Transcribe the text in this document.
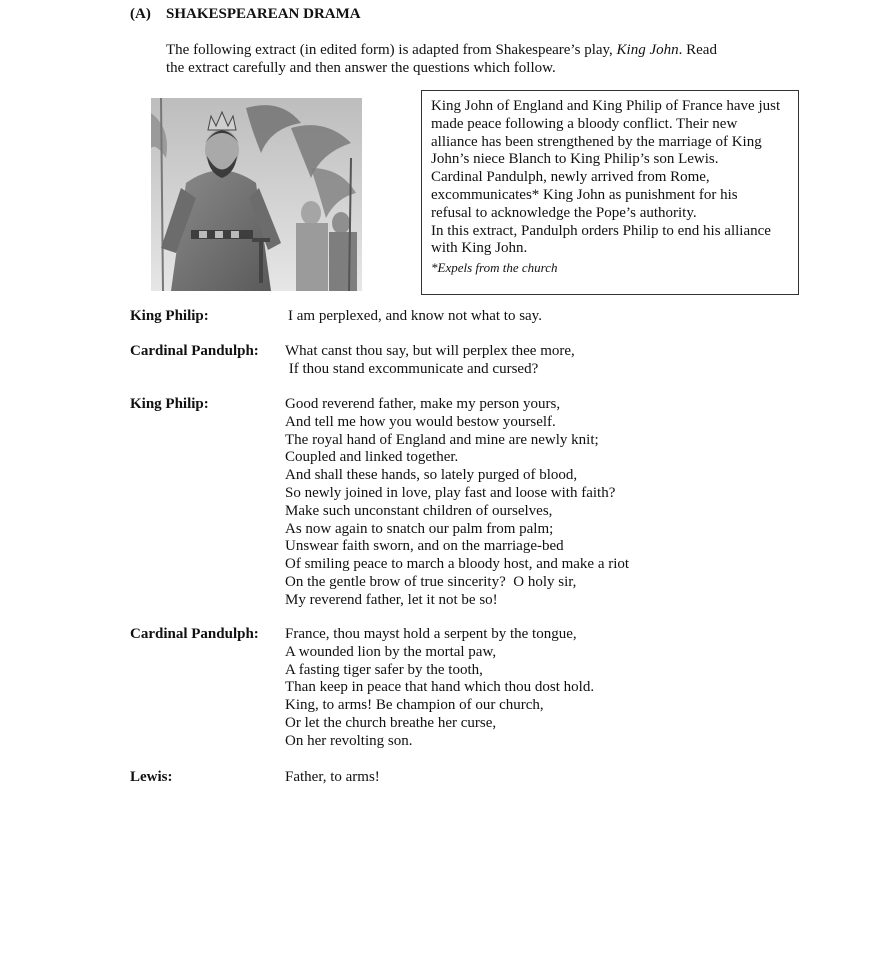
(A) SHAKESPEAREAN DRAMA

The following extract (in edited form) is adapted from Shakespeare’s play, King John. Read

the extract carefully and then answer the questions which follow.

King John of England and King Philip of France have just

made peace following a bloody conflict. Their new

alliance has been strengthened by the marriage of King

John’s niece Blanch to King Philip’s son Lewis.

Cardinal Pandulph, newly arrived from Rome,

excommunicates* King John as punishment for his

refusal to acknowledge the Pope’s authority.

In this extract, Pandulph orders Philip to end his alliance

with King John.

*Expels from the church

King Philip:	I am perplexed, and know not what to say.
Cardinal Pandulph:	What canst thou say, but will perplex thee more,
If thou stand excommunicate and cursed?
King Philip:	Good reverend father, make my person yours,
And tell me how you would bestow yourself.
The royal hand of England and mine are newly knit;
Coupled and linked together.
And shall these hands, so lately purged of blood,
So newly joined in love, play fast and loose with faith?
Make such unconstant children of ourselves,
As now again to snatch our palm from palm;
Unswear faith sworn, and on the marriage-bed
Of smiling peace to march a bloody host, and make a riot
On the gentle brow of true sincerity?  O holy sir,
My reverend father, let it not be so!
Cardinal Pandulph:	France, thou mayst hold a serpent by the tongue,
A wounded lion by the mortal paw,
A fasting tiger safer by the tooth,
Than keep in peace that hand which thou dost hold.
King, to arms! Be champion of our church,
Or let the church breathe her curse,
On her revolting son.
Lewis:	Father, to arms!
